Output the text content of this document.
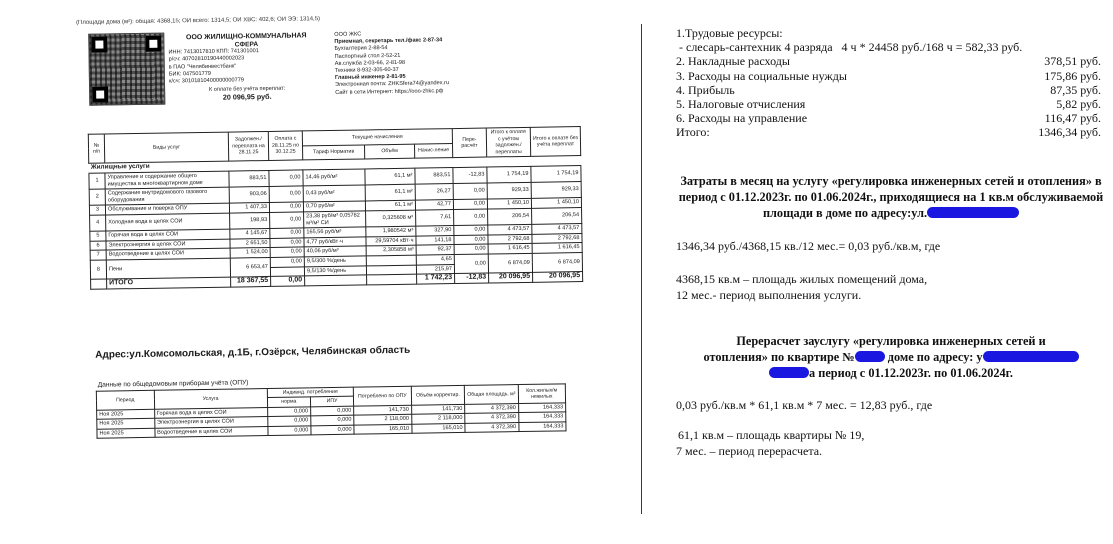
(Площади дома (м²): общая: 4368,15; ОИ всего: 1314,5; ОИ ХВС: 402,6; ОИ ЭЭ: 1314,5)
ООО ЖИЛИЩНО-КОММУНАЛЬНАЯ
СФЕРА
ИНН: 7413017810 КПП: 741301001
р/сч: 40702810190440002023
в ПАО "Челябинвестбанк"
БИК: 047501779
к/сч: 30101810400000000779
К оплате без учёта переплат:
20 096,95 руб.
ООО ЖКС
Приемная, секретарь тел./факс 2-87-34
Бухгалтерия 2-88-54
Паспортный стол 2-52-21
Ав.служба 2-03-66, 2-81-98
Техники 8-932-305-60-37
Главный инженер 2-81-95
Электронная почта: ZHKSfera74@yandex.ru
Сайт в сети Интернет: https://ooo-zhkc.рф
№ п/п	Виды услуг	Задолжен./ переплата на 28.11.25	Оплата с 28.11.25 по 30.12.25	Текущие начисления			Пере-расчёт	Итого к оплате с учётом задолжен./ переплаты	Итого к оплате без учёта переплат
				Тариф Норматив	Объём	Начис-ление			
Жилищные услуги									
1	Управление и содержание общего имущества в многоквартирном доме	883,51	0,00	14,46 руб/м²	61,1 м²	883,51	-12,83	1 754,19	1 754,19
2	Содержание внутридомового газового оборудования	903,06	0,00	0,43 руб/м²	61,1 м²	26,27	0,00	929,33	929,33
3	Обслуживание и поверка ОПУ	1 407,33	0,00	0,70 руб/м²	61,1 м²	42,77	0,00	1 450,10	1 450,10
4	Холодная вода в целях СОИ	198,93	0,00	23,38 руб/м³ 0,05782 м³/м² СИ	0,325608 м³	7,61	0,00	206,54	206,54
5	Горячая вода в целях СОИ	4 145,67	0,00	165,56 руб/м³	1,980542 м³	327,90	0,00	4 473,57	4 473,57
6	Электроэнергия в целях СОИ	2 651,50	0,00	4,77 руб/кВт·ч	29,59704 кВт·ч	141,18	0,00	2 792,68	2 792,68
7	Водоотведение в целях СОИ	1 524,00	0,00	40,06 руб/м³	2,305858 м³	92,37	0,00	1 616,45	1 616,45
8	Пени	6 653,47	0,00	9,5/300 %/день		4,65	0,00	6 874,09	6 874,09
				9,5/130 %/день		215,97			
	ИТОГО	18 367,55	0,00			1 742,23	-12,83	20 096,95	20 096,95
Адрес:ул.Комсомольская, д.1Б, г.Озёрск, Челябинская область
Данные по общедомовым приборам учёта (ОПУ)
Период	Услуга	Индивид. потребление		Потреблено по ОПУ	Объём корректир.	Общая площадь, м²	Кол.жилых/м нежилых
		норма	ИПУ				
Ноя 2025	Горячая вода в целях СОИ	0,000	0,000	141,730	141,730	4 372,390	164,333
Ноя 2025	Электроэнергия в целях СОИ	0,000	0,000	2 118,000	2 118,000	4 372,390	164,333
Ноя 2025	Водоотведение в целях СОИ	0,000	0,000	165,010	165,010	4 372,390	164,333
1.Трудовые ресурсы:
- слесарь-сантехник 4 разряда   4 ч * 24458 руб./168 ч = 582,33 руб.
2. Накладные расходы	378,51 руб.
3. Расходы на социальные нужды	175,86 руб.
4. Прибыль	87,35 руб.
5. Налоговые отчисления	5,82 руб.
6. Расходы на управление	116,47 руб.
Итого:	1346,34 руб.
Затраты в месяц на услугу «регулировка инженерных сетей и отопления» в период с 01.12.2023г. по 01.06.2024г., приходящиеся на 1 кв.м обслуживаемой площади в доме по адресу:ул.
1346,34 руб./4368,15 кв./12 мес.= 0,03 руб./кв.м, где
4368,15 кв.м – площадь жилых помещений дома,
12 мес.- период выполнения услуги.
Перерасчет зауслугу «регулировка инженерных сетей и
отопления» по квартире №	доме по адресу: у
а период с 01.12.2023г. по 01.06.2024г.
0,03 руб./кв.м * 61,1 кв.м * 7 мес. = 12,83 руб., где
61,1 кв.м – площадь квартиры № 19,
7 мес. – период перерасчета.
